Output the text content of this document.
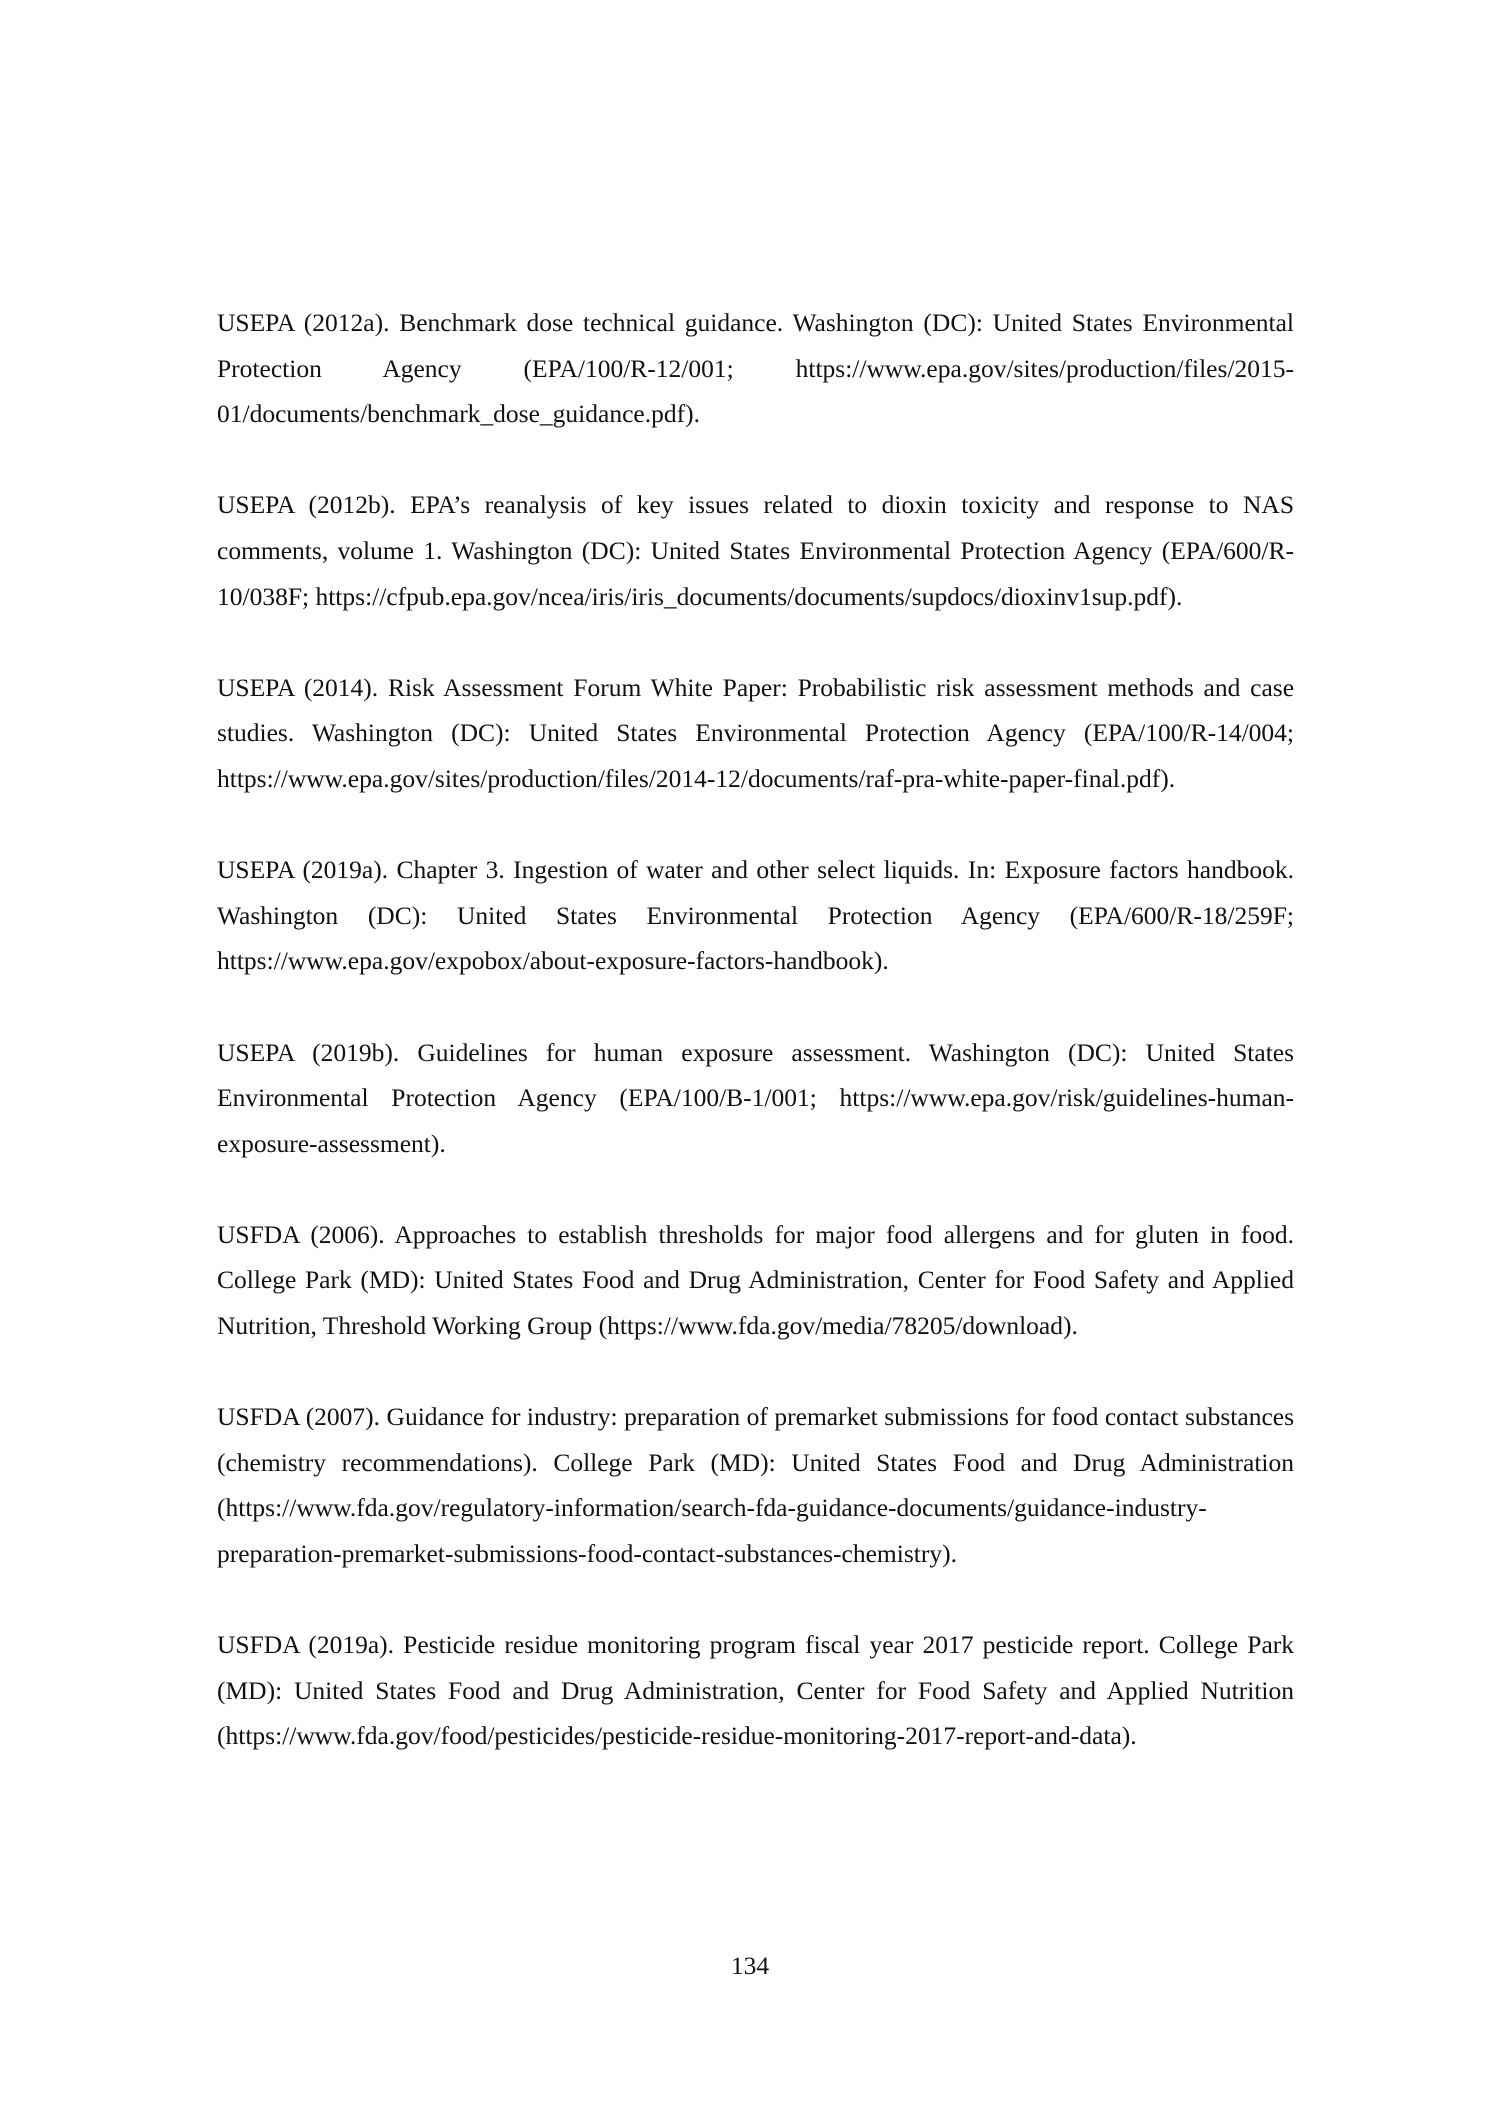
USEPA (2012a). Benchmark dose technical guidance. Washington (DC): United States Environmental Protection Agency (EPA/100/R-12/001; https://www.epa.gov/sites/production/files/2015-01/documents/benchmark_dose_guidance.pdf).

USEPA (2012b). EPA’s reanalysis of key issues related to dioxin toxicity and response to NAS comments, volume 1. Washington (DC): United States Environmental Protection Agency (EPA/600/R-10/038F; https://cfpub.epa.gov/ncea/iris/iris_documents/documents/supdocs/dioxinv1sup.pdf).

USEPA (2014). Risk Assessment Forum White Paper: Probabilistic risk assessment methods and case studies. Washington (DC): United States Environmental Protection Agency (EPA/100/R-14/004; https://www.epa.gov/sites/production/files/2014-12/documents/raf-pra-white-paper-final.pdf).

USEPA (2019a). Chapter 3. Ingestion of water and other select liquids. In: Exposure factors handbook. Washington (DC): United States Environmental Protection Agency (EPA/600/R-18/259F; https://www.epa.gov/expobox/about-exposure-factors-handbook).

USEPA (2019b). Guidelines for human exposure assessment. Washington (DC): United States Environmental Protection Agency (EPA/100/B-1/001; https://www.epa.gov/risk/guidelines-human-exposure-assessment).

USFDA (2006). Approaches to establish thresholds for major food allergens and for gluten in food. College Park (MD): United States Food and Drug Administration, Center for Food Safety and Applied Nutrition, Threshold Working Group (https://www.fda.gov/media/78205/download).

USFDA (2007). Guidance for industry: preparation of premarket submissions for food contact substances (chemistry recommendations). College Park (MD): United States Food and Drug Administration (https://www.fda.gov/regulatory-information/search-fda-guidance-documents/guidance-industry-preparation-premarket-submissions-food-contact-substances-chemistry).

USFDA (2019a). Pesticide residue monitoring program fiscal year 2017 pesticide report. College Park (MD): United States Food and Drug Administration, Center for Food Safety and Applied Nutrition (https://www.fda.gov/food/pesticides/pesticide-residue-monitoring-2017-report-and-data).

134
